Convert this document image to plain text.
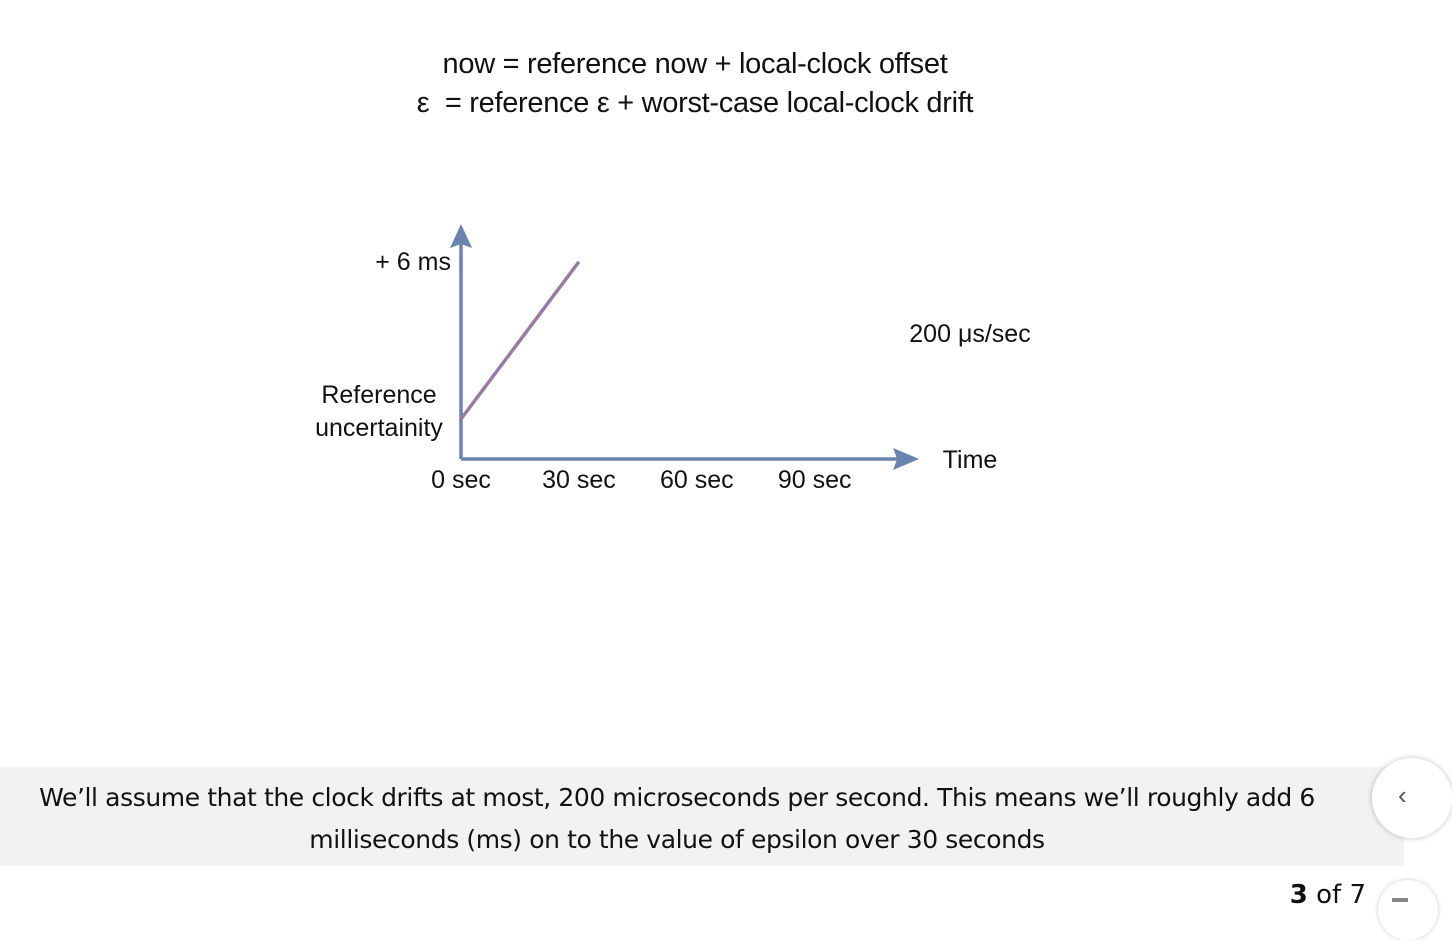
now = reference now + local-clock offset
ε  = reference ε + worst-case local-clock drift
0 sec 30 sec 60 sec 90 sec
+ 6 ms
Reference
uncertainity
Time
200 μs/sec
We’ll assume that the clock drifts at most, 200 microseconds per second. This means we’ll roughly add 6 milliseconds (ms) on to the value of epsilon over 30 seconds
‹
3 of 7
